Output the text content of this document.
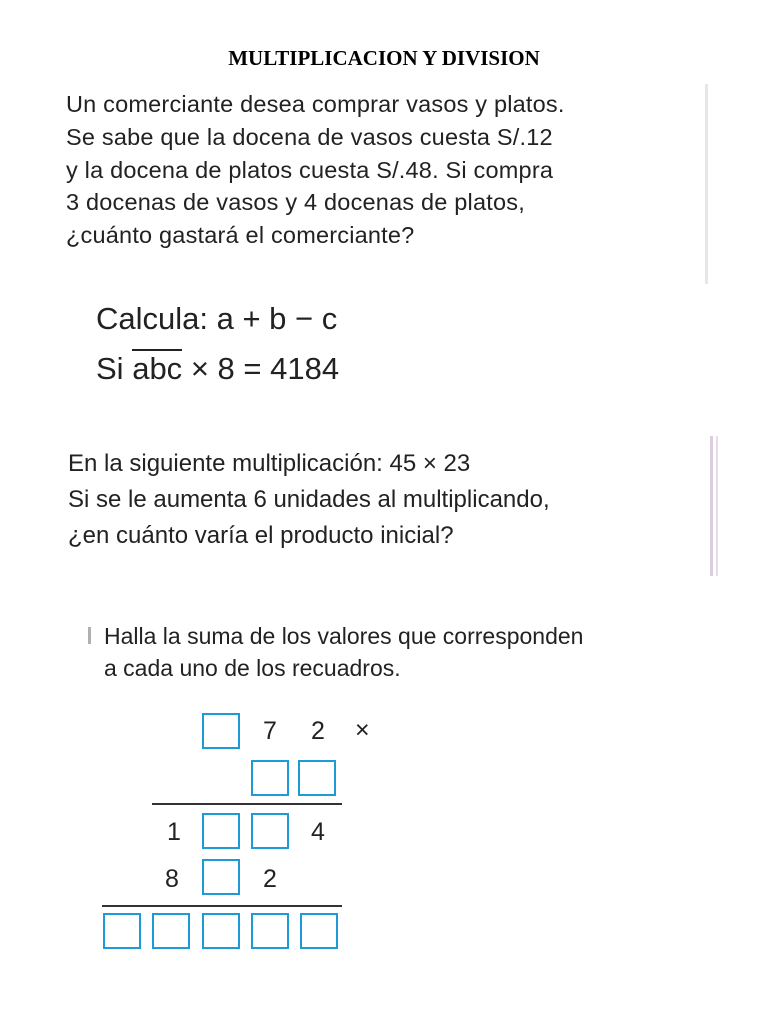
MULTIPLICACION Y DIVISION
Un comerciante desea comprar vasos y platos.
Se sabe que la docena de vasos cuesta S/.12
y la docena de platos cuesta S/.48. Si compra
3 docenas de vasos y 4 docenas de platos,
¿cuánto gastará el comerciante?
Calcula: a + b − c
Si abc × 8 = 4184
En la siguiente multiplicación: 45 × 23
Si se le aumenta 6 unidades al multiplicando,
¿en cuánto varía el producto inicial?
Halla la suma de los valores que corresponden
a cada uno de los recuadros.
7 2 ×
1	4
8	2
